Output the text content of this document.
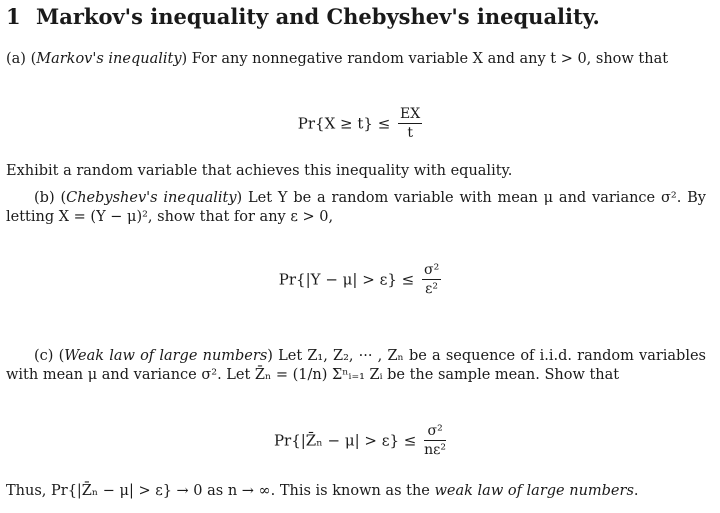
1 Markov's inequality and Chebyshev's inequality.
(a) (Markov's inequality) For any nonnegative random variable X and any t > 0, show that
$Pr\{X \ge t\} \le \frac{EX}{t}$
Exhibit a random variable that achieves this inequality with equality.
(b) (Chebyshev's inequality) Let Y be a random variable with mean μ and variance σ². By letting X = (Y − μ)², show that for any ε > 0,
$Pr\{|Y - \mu| > \varepsilon\} \le \frac{\text{σ²}}{\text{ε²}}$
(c) (Weak law of large numbers) Let Z₁, Z₂, ··· , Zₙ be a sequence of i.i.d. random variables with mean μ and variance σ². Let Z̄ₙ = (1/n) Σⁿᵢ₌₁ Zᵢ be the sample mean. Show that
Pr{|Z̄ₙ − $\mu| > \varepsilon\} \le \frac{\text{σ²}}{\text{nε²}}$
Thus, Pr{|Z̄ₙ − μ| > ε} → 0 as n → ∞. This is known as the weak law of large numbers.
